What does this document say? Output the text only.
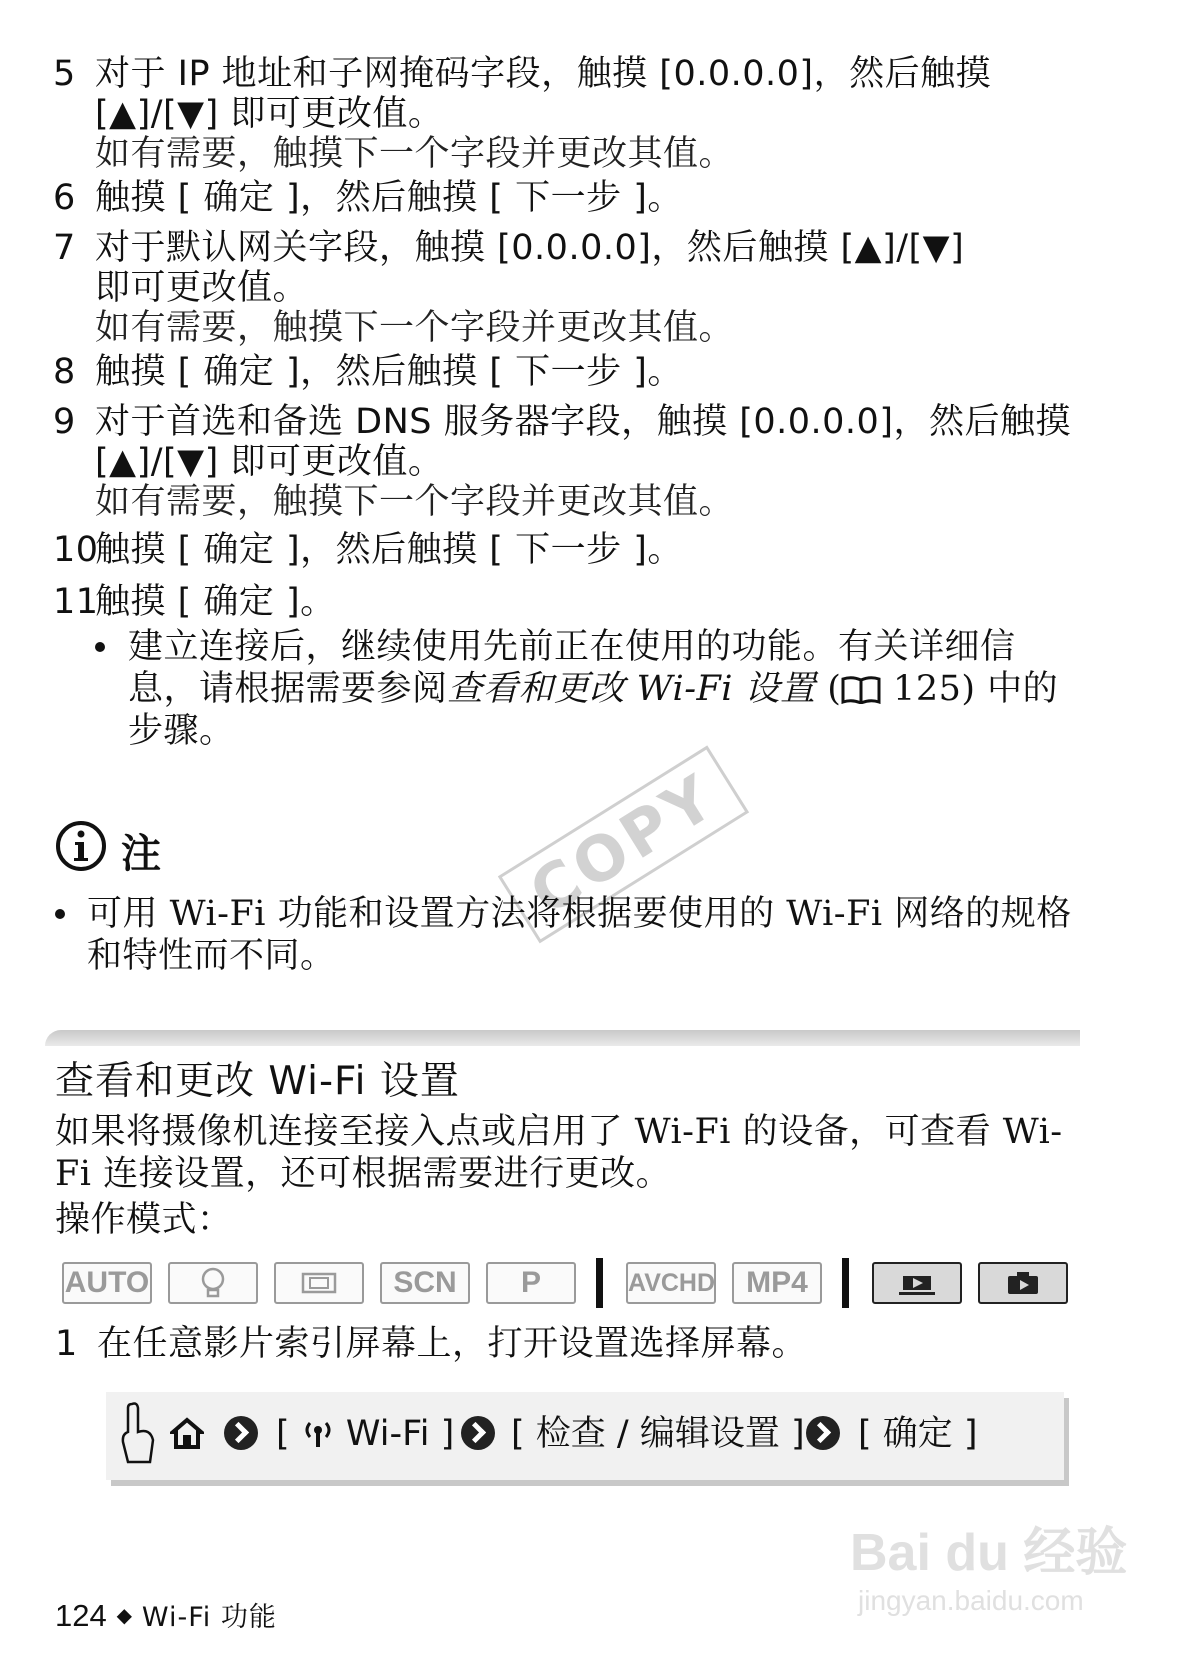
5 对于 IP 地址和子网掩码字段，触摸 [0.0.0.0]，然后触摸
[▲]/[▼] 即可更改值。
如有需要，触摸下一个字段并更改其值。
6 触摸 [ 确定 ]，然后触摸 [ 下一步 ]。
7 对于默认网关字段，触摸 [0.0.0.0]，然后触摸 [▲]/[▼]
即可更改值。
如有需要，触摸下一个字段并更改其值。
8 触摸 [ 确定 ]，然后触摸 [ 下一步 ]。
9 对于首选和备选 DNS 服务器字段，触摸 [0.0.0.0]，然后触摸
[▲]/[▼] 即可更改值。
如有需要，触摸下一个字段并更改其值。
10
触摸 [ 确定 ]，然后触摸 [ 下一步 ]。
11
触摸 [ 确定 ]。
建立连接后，继续使用先前正在使用的功能。有关详细信
息，请根据需要参阅查看和更改 Wi-Fi 设置 ( 125) 中的
步骤。
COPY
注
可用 Wi-Fi 功能和设置方法将根据要使用的 Wi-Fi 网络的规格
和特性而不同。
查看和更改 Wi-Fi 设置
如果将摄像机连接至接入点或启用了 Wi-Fi 的设备，可查看 Wi-
Fi 连接设置，还可根据需要进行更改。
操作模式：
AUTO	SCN	P	AVCHD	MP4
1 在任意影片索引屏幕上，打开设置选择屏幕。
[  Wi-Fi ] [ 检查 / 编辑设置 ] [ 确定 ]
Bai du 经验
jingyan.baidu.com
124 ◆ Wi-Fi 功能
